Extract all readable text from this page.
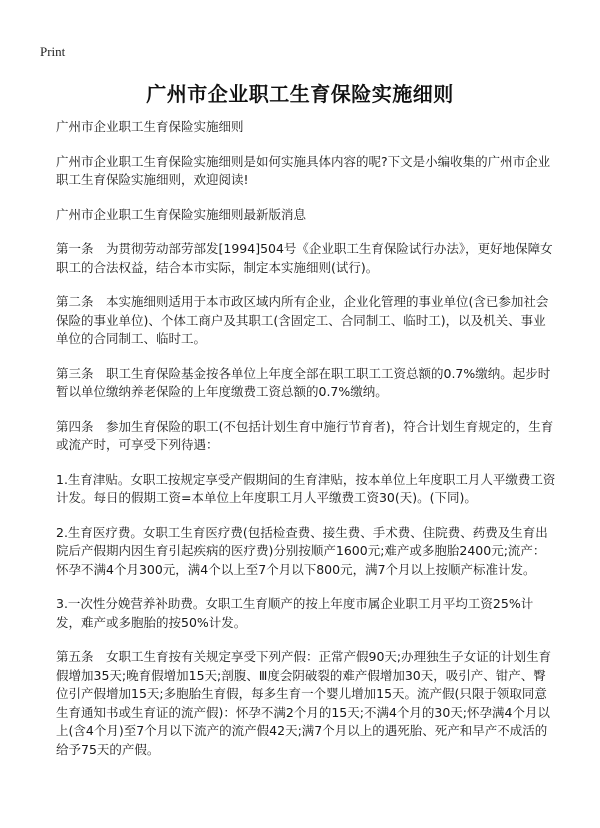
Print
广州市企业职工生育保险实施细则

广州市企业职工生育保险实施细则

广州市企业职工生育保险实施细则是如何实施具体内容的呢?下文是小编收集的广州市企业职工生育保险实施细则，欢迎阅读!

广州市企业职工生育保险实施细则最新版消息

第一条　为贯彻劳动部劳部发[1994]504号《企业职工生育保险试行办法》，更好地保障女职工的合法权益，结合本市实际，制定本实施细则(试行)。

第二条　本实施细则适用于本市政区域内所有企业，企业化管理的事业单位(含已参加社会保险的事业单位)、个体工商户及其职工(含固定工、合同制工、临时工)，以及机关、事业单位的合同制工、临时工。

第三条　职工生育保险基金按各单位上年度全部在职工职工工资总额的0.7%缴纳。起步时暂以单位缴纳养老保险的上年度缴费工资总额的0.7%缴纳。

第四条　参加生育保险的职工(不包括计划生育中施行节育者)，符合计划生育规定的，生育或流产时，可享受下列待遇：

1.生育津贴。女职工按规定享受产假期间的生育津贴，按本单位上年度职工月人平缴费工资计发。每日的假期工资=本单位上年度职工月人平缴费工资30(天)。(下同)。

2.生育医疗费。女职工生育医疗费(包括检查费、接生费、手术费、住院费、药费及生育出院后产假期内因生育引起疾病的医疗费)分别按顺产1600元;难产或多胞胎2400元;流产：怀孕不满4个月300元，满4个以上至7个月以下800元，满7个月以上按顺产标准计发。

3.一次性分娩营养补助费。女职工生育顺产的按上年度市属企业职工月平均工资25%计发，难产或多胞胎的按50%计发。

第五条　女职工生育按有关规定享受下列产假：正常产假90天;办理独生子女证的计划生育假增加35天;晚育假增加15天;剖腹、Ⅲ度会阴破裂的难产假增加30天，吸引产、钳产、臀位引产假增加15天;多胞胎生育假，每多生育一个婴儿增加15天。流产假(只限于领取同意生育通知书或生育证的流产假)：怀孕不满2个月的15天;不满4个月的30天;怀孕满4个月以上(含4个月)至7个月以下流产的流产假42天;满7个月以上的遇死胎、死产和早产不成活的给予75天的产假。
